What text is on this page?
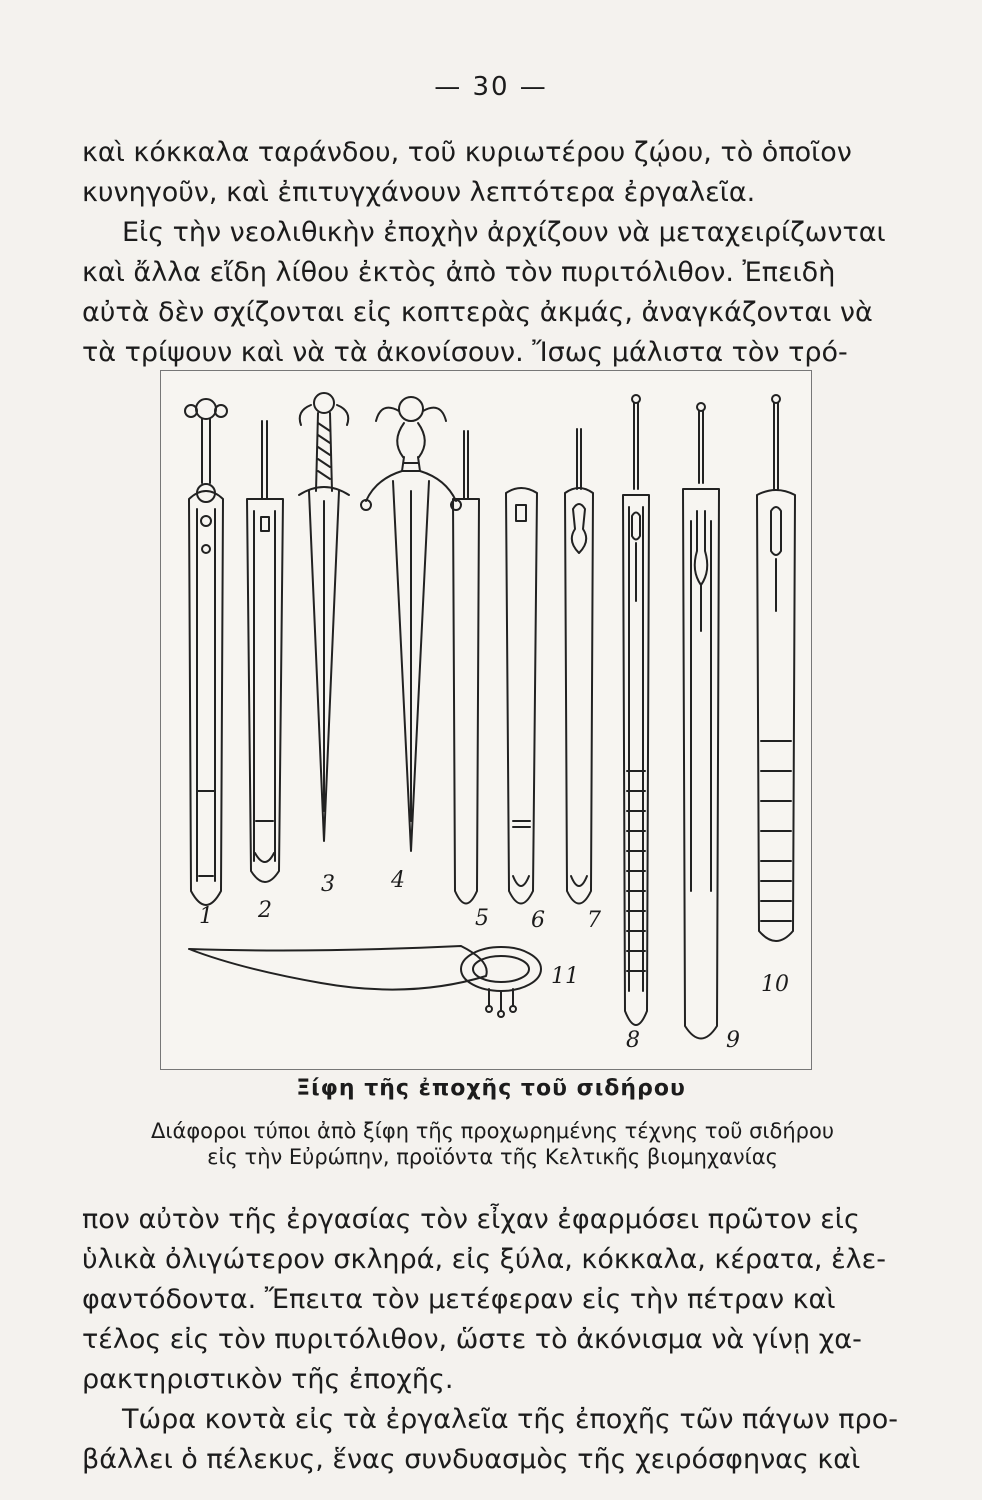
— 30 —
καὶ κόκκαλα ταράνδου, τοῦ κυριωτέρου ζῴου, τὸ ὁποῖον
κυνηγοῦν, καὶ ἐπιτυγχάνουν λεπτότερα ἐργαλεῖα.
Εἰς τὴν νεολιθικὴν ἐποχὴν ἀρχίζουν νὰ μεταχειρίζωνται
καὶ ἄλλα εἴδη λίθου ἐκτὸς ἀπὸ τὸν πυριτόλιθον. Ἐπειδὴ
αὐτὰ δὲν σχίζονται εἰς κοπτερὰς ἀκμάς, ἀναγκάζονται νὰ
τὰ τρίψουν καὶ νὰ τὰ ἀκονίσουν. Ἴσως μάλιστα τὸν τρό-
1 2
3	4
5 6 7
8	9
10
11
Ξίφη τῆς ἐποχῆς τοῦ σιδήρου
Διάφοροι τύποι ἀπὸ ξίφη τῆς προχωρημένης τέχνης τοῦ σιδήρου
εἰς τὴν Εὐρώπην, προϊόντα τῆς Κελτικῆς βιομηχανίας
πον αὐτὸν τῆς ἐργασίας τὸν εἶχαν ἐφαρμόσει πρῶτον εἰς
ὑλικὰ ὀλιγώτερον σκληρά, εἰς ξύλα, κόκκαλα, κέρατα, ἐλε-
φαντόδοντα. Ἔπειτα τὸν μετέφεραν εἰς τὴν πέτραν καὶ
τέλος εἰς τὸν πυριτόλιθον, ὥστε τὸ ἀκόνισμα νὰ γίνῃ χα-
ρακτηριστικὸν τῆς ἐποχῆς.
Τώρα κοντὰ εἰς τὰ ἐργαλεῖα τῆς ἐποχῆς τῶν πάγων προ-
βάλλει ὁ πέλεκυς, ἕνας συνδυασμὸς τῆς χειρόσφηνας καὶ
